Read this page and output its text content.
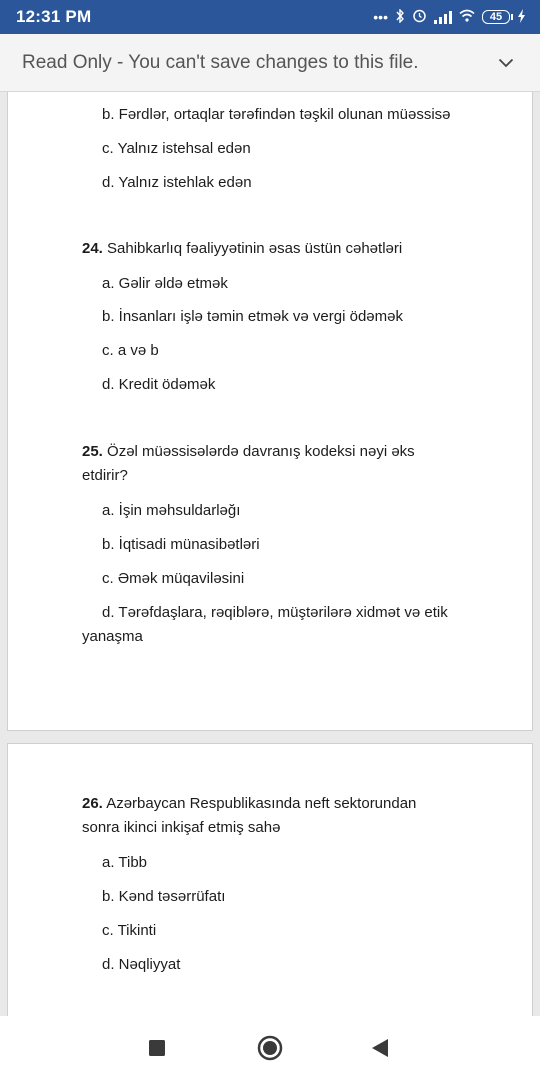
12:31 PM	•••	45
Read Only - You can't save changes to this file.
b. Fərdlər, ortaqlar tərəfindən təşkil olunan müəssisə
c. Yalnız istehsal edən
d. Yalnız istehlak edən
24. Sahibkarlıq fəaliyyətinin əsas üstün cəhətləri
a. Gəlir əldə etmək
b. İnsanları işlə təmin etmək və vergi ödəmək
c. a və b
d. Kredit ödəmək
25. Özəl müəssisələrdə davranış kodeksi nəyi əks
etdirir?
a. İşin məhsuldarləğı
b. İqtisadi münasibətləri
c. Əmək müqaviləsini
d. Tərəfdaşlara, rəqiblərə, müştərilərə xidmət və etik yanaşma
26. Azərbaycan Respublikasında neft sektorundan
sonra ikinci inkişaf etmiş sahə
a. Tibb
b. Kənd təsərrüfatı
c. Tikinti
d. Nəqliyyat
